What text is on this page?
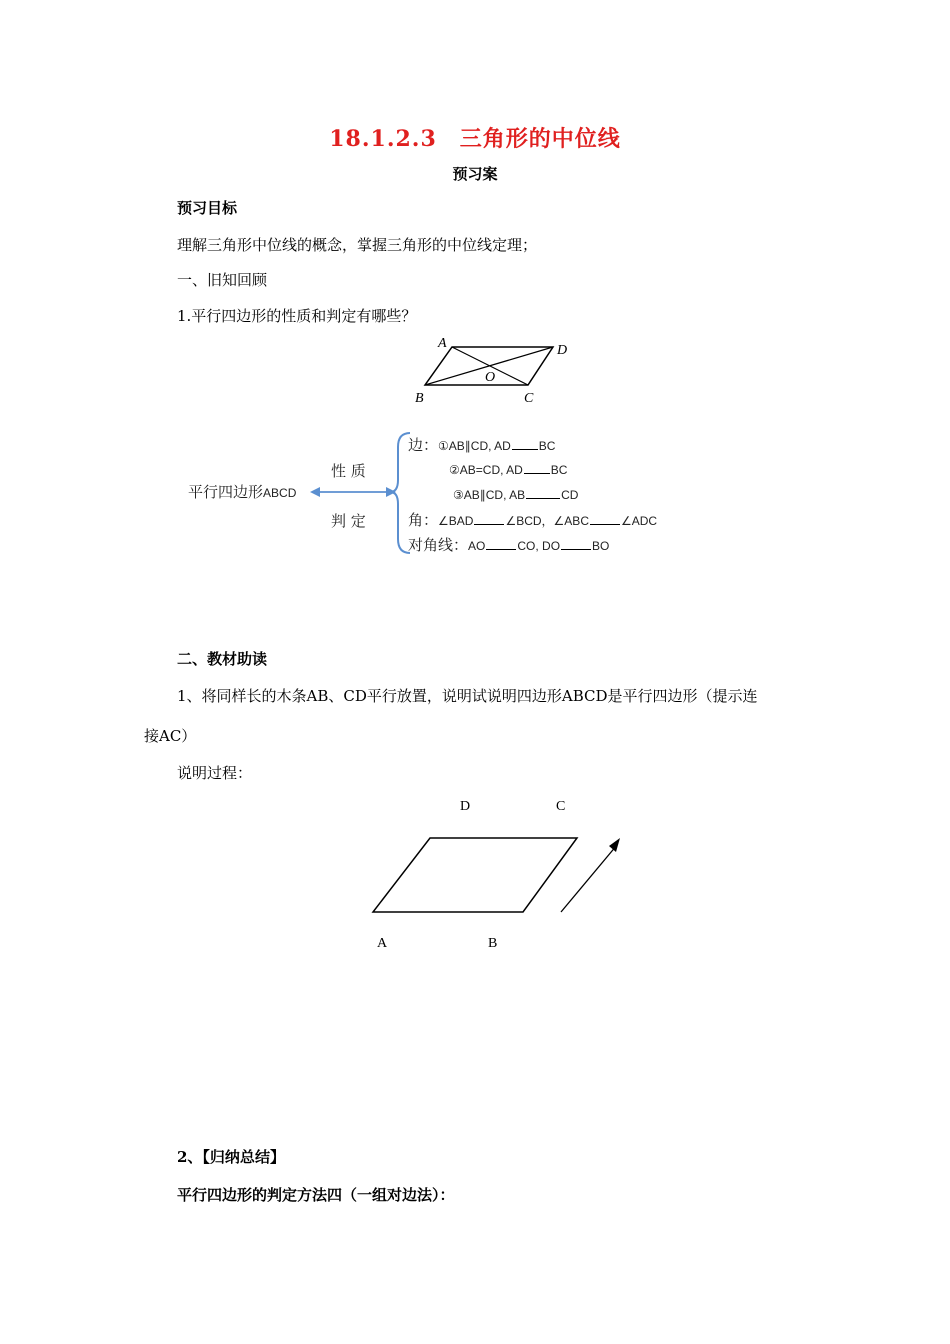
18.1.2.3　三角形的中位线
预习案
预习目标
理解三角形中位线的概念，掌握三角形的中位线定理；
一、旧知回顾
1.平行四边形的性质和判定有哪些？
A	D
B	C
O
平行四边形ABCD
性 质
判 定
边：①AB∥CD, AD BC
②AB=CD, AD BC
③AB∥CD, AB	CD
角：∠BAD	∠BCD，∠ABC	∠ADC
对角线：AO	CO, DO	BO
二、教材助读
1、将同样长的木条AB、CD平行放置，说明试说明四边形ABCD是平行四边形（提示连
接AC）
说明过程：
D	C
A	B
2、【归纳总结】
平行四边形的判定方法四（一组对边法）：
